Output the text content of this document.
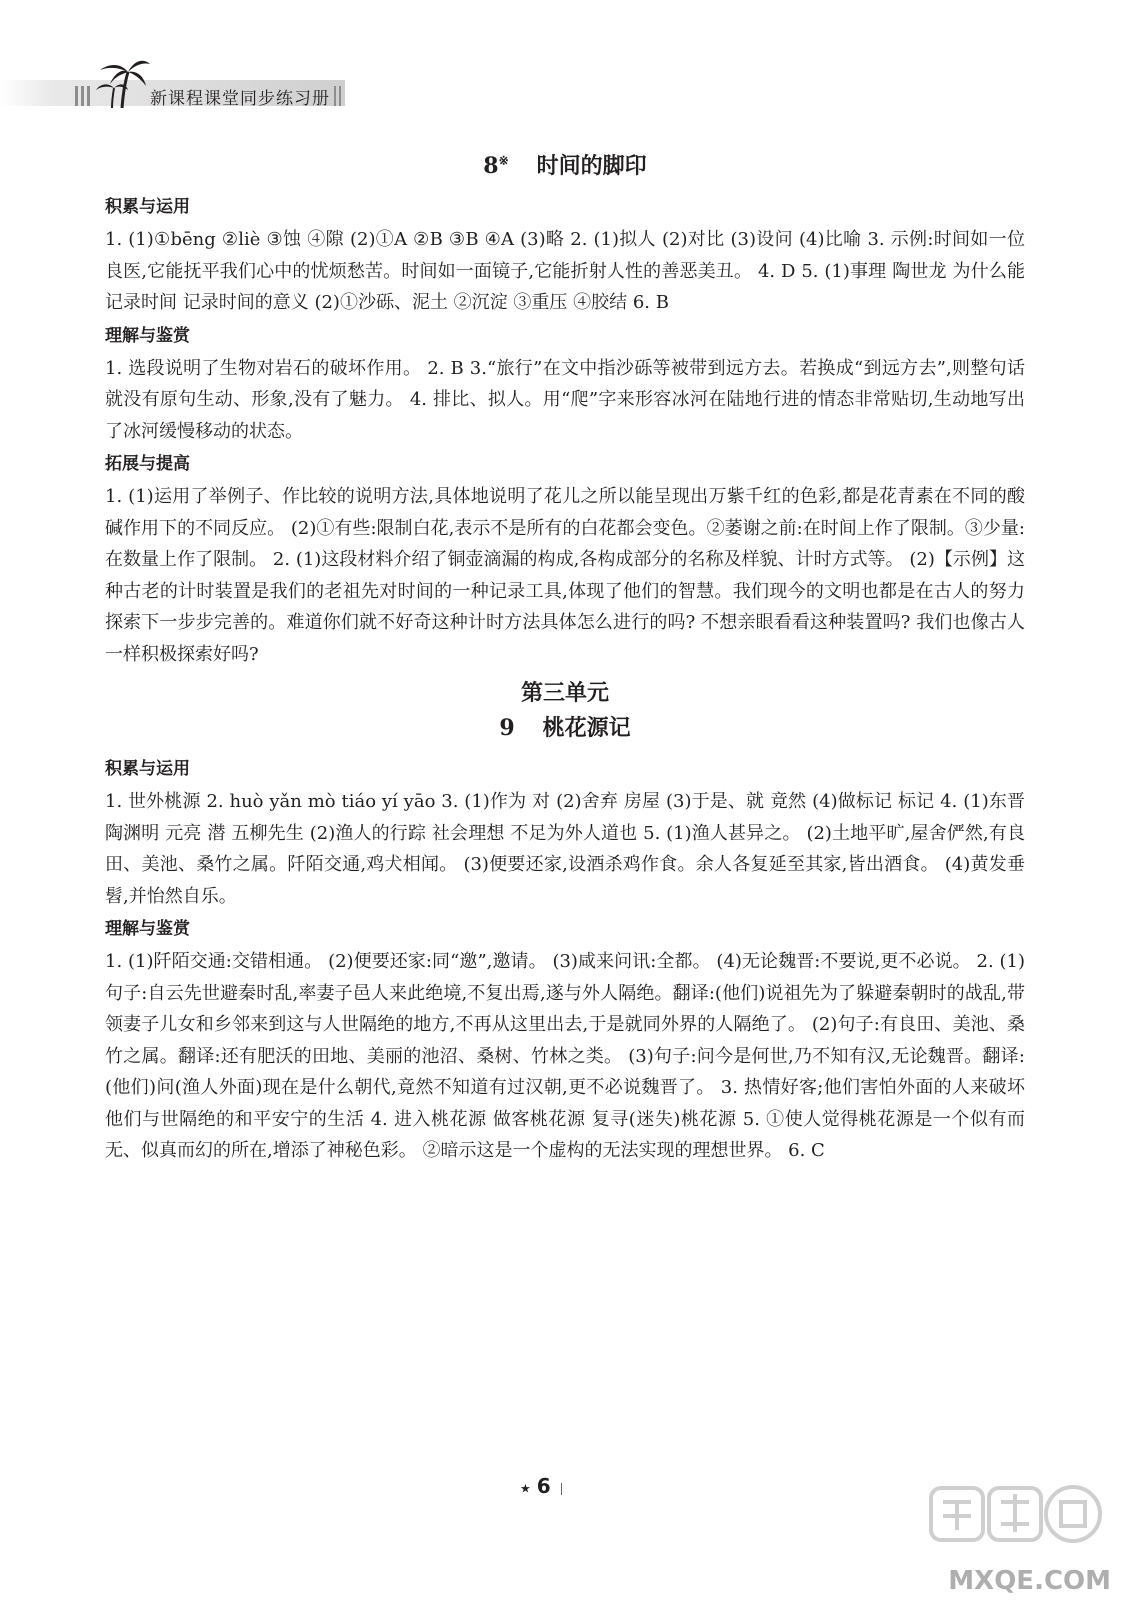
新课程课堂同步练习册
8※ 时间的脚印
积累与运用

1. (1)①bēng ②liè ③蚀 ④隙 (2)①A ②B ③B ④A (3)略 2. (1)拟人 (2)对比 (3)设问 (4)比喻 3. 示例:时间如一位良医,它能抚平我们心中的忧烦愁苦。时间如一面镜子,它能折射人性的善恶美丑。 4. D 5. (1)事理 陶世龙 为什么能记录时间 记录时间的意义 (2)①沙砾、泥土 ②沉淀 ③重压 ④胶结 6. B

理解与鉴赏

1. 选段说明了生物对岩石的破坏作用。 2. B 3.“旅行”在文中指沙砾等被带到远方去。若换成“到远方去”,则整句话就没有原句生动、形象,没有了魅力。 4. 排比、拟人。用“爬”字来形容冰河在陆地行进的情态非常贴切,生动地写出了冰河缓慢移动的状态。

拓展与提高

1. (1)运用了举例子、作比较的说明方法,具体地说明了花儿之所以能呈现出万紫千红的色彩,都是花青素在不同的酸碱作用下的不同反应。 (2)①有些:限制白花,表示不是所有的白花都会变色。②萎谢之前:在时间上作了限制。③少量:在数量上作了限制。 2. (1)这段材料介绍了铜壶滴漏的构成,各构成部分的名称及样貌、计时方式等。 (2)【示例】这种古老的计时装置是我们的老祖先对时间的一种记录工具,体现了他们的智慧。我们现今的文明也都是在古人的努力探索下一步步完善的。难道你们就不好奇这种计时方法具体怎么进行的吗? 不想亲眼看看这种装置吗? 我们也像古人一样积极探索好吗?

第三单元
9 桃花源记
积累与运用

1. 世外桃源 2. huò yǎn mò tiáo yí yāo 3. (1)作为 对 (2)舍弃 房屋 (3)于是、就 竟然 (4)做标记 标记 4. (1)东晋 陶渊明 元亮 潜 五柳先生 (2)渔人的行踪 社会理想 不足为外人道也 5. (1)渔人甚异之。 (2)土地平旷,屋舍俨然,有良田、美池、桑竹之属。阡陌交通,鸡犬相闻。 (3)便要还家,设酒杀鸡作食。余人各复延至其家,皆出酒食。 (4)黄发垂髫,并怡然自乐。

理解与鉴赏

1. (1)阡陌交通:交错相通。 (2)便要还家:同“邀”,邀请。 (3)咸来问讯:全都。 (4)无论魏晋:不要说,更不必说。 2. (1)句子:自云先世避秦时乱,率妻子邑人来此绝境,不复出焉,遂与外人隔绝。翻译:(他们)说祖先为了躲避秦朝时的战乱,带领妻子儿女和乡邻来到这与人世隔绝的地方,不再从这里出去,于是就同外界的人隔绝了。 (2)句子:有良田、美池、桑竹之属。翻译:还有肥沃的田地、美丽的池沼、桑树、竹林之类。 (3)句子:问今是何世,乃不知有汉,无论魏晋。翻译:(他们)问(渔人外面)现在是什么朝代,竟然不知道有过汉朝,更不必说魏晋了。 3. 热情好客;他们害怕外面的人来破坏他们与世隔绝的和平安宁的生活 4. 进入桃花源 做客桃花源 复寻(迷失)桃花源 5. ①使人觉得桃花源是一个似有而无、似真而幻的所在,增添了神秘色彩。 ②暗示这是一个虚构的无法实现的理想世界。 6. C

★ 6
MXQE.COM
